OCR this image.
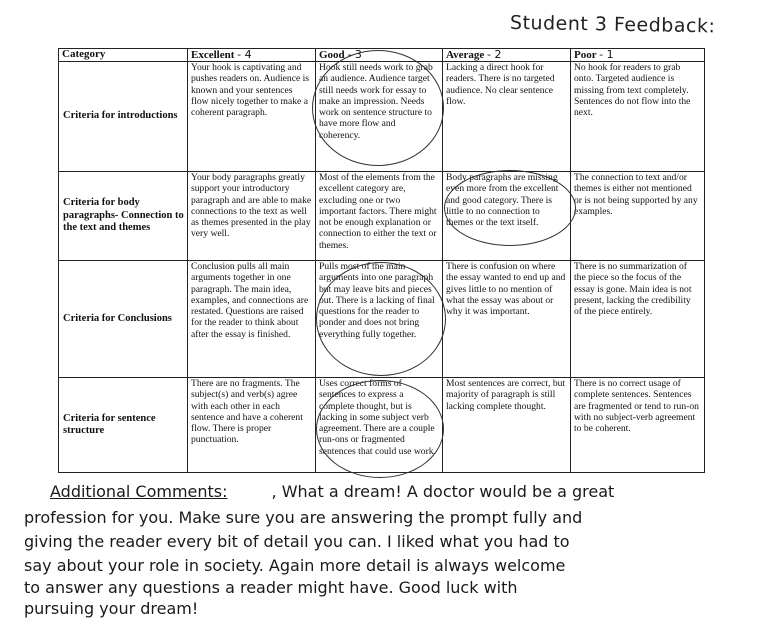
Student 3 Feedback:
Category	Excellent - 4	Good - 3	Average - 2	Poor - 1
Criteria for introductions	Your hook is captivating and pushes readers on. Audience is known and your sentences flow nicely together to make a coherent paragraph.	Hook still needs work to grab an audience. Audience target still needs work for essay to make an impression. Needs work on sentence structure to have more flow and coherency.	Lacking a direct hook for readers. There is no targeted audience. No clear sentence flow.	No hook for readers to grab onto. Targeted audience is missing from text completely. Sentences do not flow into the next.
Criteria for body paragraphs- Connection to the text and themes	Your body paragraphs greatly support your introductory paragraph and are able to make connections to the text as well as themes presented in the play very well.	Most of the elements from the excellent category are, excluding one or two important factors. There might not be enough explanation or connection to either the text or themes.	Body paragraphs are missing even more from the excellent and good category. There is little to no connection to themes or the text itself.	The connection to text and/or themes is either not mentioned or is not being supported by any examples.
Criteria for Conclusions	Conclusion pulls all main arguments together in one paragraph. The main idea, examples, and connections are restated. Questions are raised for the reader to think about after the essay is finished.	Pulls most of the main arguments into one paragraph but may leave bits and pieces out. There is a lacking of final questions for the reader to ponder and does not bring everything fully together.	There is confusion on where the essay wanted to end up and gives little to no mention of what the essay was about or why it was important.	There is no summarization of the piece so the focus of the essay is gone. Main idea is not present, lacking the credibility of the piece entirely.
Criteria for sentence structure	There are no fragments. The subject(s) and verb(s) agree with each other in each sentence and have a coherent flow. There is proper punctuation.	Uses correct forms of sentences to express a complete thought, but is lacking in some subject verb agreement. There are a couple run-ons or fragmented sentences that could use work.	Most sentences are correct, but majority of paragraph is still lacking complete thought.	There is no correct usage of complete sentences. Sentences are fragmented or tend to run-on with no subject-verb agreement to be coherent.
Additional Comments:	, What a dream! A doctor would be a great
profession for you. Make sure you are answering the prompt fully and
giving the reader every bit of detail you can. I liked what you had to
say about your role in society. Again more detail is always welcome
to answer any questions a reader might have. Good luck with
pursuing your dream!
